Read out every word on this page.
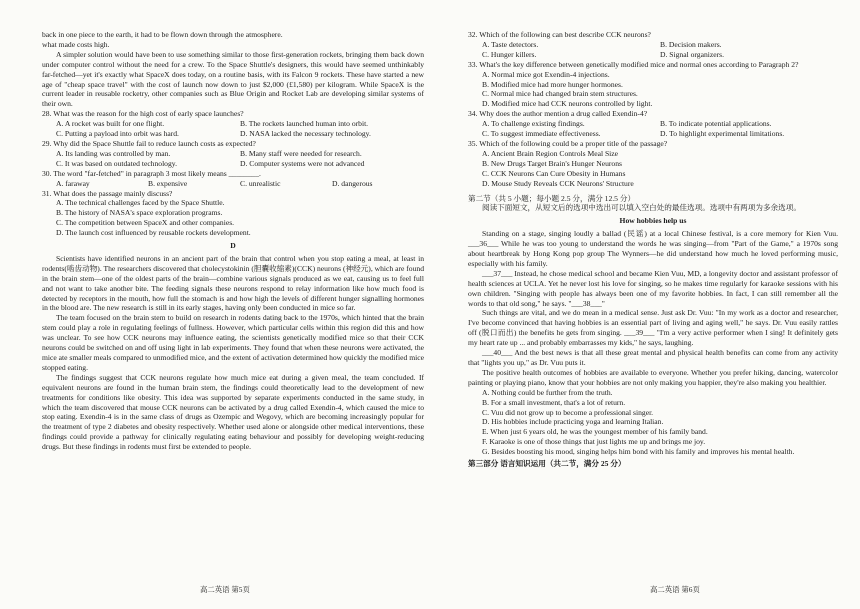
back in one piece to the earth, it had to be flown down through the atmosphere.

what made costs high.

A simpler solution would have been to use something similar to those first-generation rockets, bringing them back down under computer control without the need for a crew. To the Space Shuttle's designers, this would have seemed unthinkably far-fetched—yet it's exactly what SpaceX does today, on a routine basis, with its Falcon 9 rockets. These have started a new age of "cheap space travel" with the cost of launch now down to just $2,000 (£1,580) per kilogram. While SpaceX is the current leader in reusable rocketry, other companies such as Blue Origin and Rocket Lab are developing similar systems of their own.

28. What was the reason for the high cost of early space launches?

A. A rocket was built for one flight.	B. The rockets launched human into orbit.
C. Putting a payload into orbit was hard.	D. NASA lacked the necessary technology.

29. Why did the Space Shuttle fail to reduce launch costs as expected?

A. Its landing was controlled by man.	B. Many staff were needed for research.
C. It was based on outdated technology.	D. Computer systems were not advanced

30. The word "far-fetched" in paragraph 3 most likely means ________.

A. faraway	B. expensive	C. unrealistic	D. dangerous

31. What does the passage mainly discuss?

A. The technical challenges faced by the Space Shuttle.

B. The history of NASA's space exploration programs.

C. The competition between SpaceX and other companies.

D. The launch cost influenced by reusable rockets development.

D

Scientists have identified neurons in an ancient part of the brain that control when you stop eating a meal, at least in rodents(啮齿动物). The researchers discovered that cholecystokinin (胆囊收缩素)(CCK) neurons (神经元), which are found in the brain stem—one of the oldest parts of the brain—combine various signals produced as we eat, causing us to feel full and not want to take another bite. The feeding signals these neurons respond to relay information like how much food is detected by receptors in the mouth, how full the stomach is and how high the levels of different hunger signalling hormones in the blood are. The new research is still in its early stages, having only been conducted in mice so far.

The team focused on the brain stem to build on research in rodents dating back to the 1970s, which hinted that the brain stem could play a role in regulating feelings of fullness. However, which particular cells within this region did this and how was unclear. To see how CCK neurons may influence eating, the scientists genetically modified mice so that their CCK neurons could be switched on and off using light in lab experiments. They found that when these neurons were activated, the mice ate smaller meals compared to unmodified mice, and the extent of activation determined how quickly the modified mice stopped eating.

The findings suggest that CCK neurons regulate how much mice eat during a given meal, the team concluded. If equivalent neurons are found in the human brain stem, the findings could theoretically lead to the development of new treatments for conditions like obesity. This idea was supported by separate experiments conducted in the same study, in which the team discovered that mouse CCK neurons can be activated by a drug called Exendin-4, which caused the mice to stop eating. Exendin-4 is in the same class of drugs as Ozempic and Wegovy, which are becoming increasingly popular for the treatment of type 2 diabetes and obesity respectively. Whether used alone or alongside other medical interventions, these findings could provide a pathway for clinically regulating eating behaviour and possibly for developing weight-reducing drugs. But these findings in rodents must first be extended to people.

高二英语 第5页

32. Which of the following can best describe CCK neurons?

A. Taste detectors.	B. Decision makers.
C. Hunger killers.	D. Signal organizers.

33. What's the key difference between genetically modified mice and normal ones according to Paragraph 2?

A. Normal mice got Exendin-4 injections.

B. Modified mice had more hunger hormones.

C. Normal mice had changed brain stem structures.

D. Modified mice had CCK neurons controlled by light.

34. Why does the author mention a drug called Exendin-4?

A. To challenge existing findings.	B. To indicate potential applications.
C. To suggest immediate effectiveness.	D. To highlight experimental limitations.

35. Which of the following could be a proper title of the passage?

A. Ancient Brain Region Controls Meal Size

B. New Drugs Target Brain's Hunger Neurons

C. CCK Neurons Can Cure Obesity in Humans

D. Mouse Study Reveals CCK Neurons' Structure

第二节（共 5 小题；每小题 2.5 分，满分 12.5 分）

阅读下面短文，从短文后的选项中选出可以填入空白处的最佳选项。选项中有两项为多余选项。

How hobbies help us

Standing on a stage, singing loudly a ballad (民谣) at a local Chinese festival, is a core memory for Kien Vuu. ___36___ While he was too young to understand the words he was singing—from "Part of the Game," a 1970s song about heartbreak by Hong Kong pop group The Wynners—he did understand how much he loved performing music, especially with his family.

___37___ Instead, he chose medical school and became Kien Vuu, MD, a longevity doctor and assistant professor of health sciences at UCLA. Yet he never lost his love for singing, so he makes time regularly for karaoke sessions with his own children. "Singing with people has always been one of my favorite hobbies. In fact, I can still remember all the words to that old song," he says. "___38___"

Such things are vital, and we do mean in a medical sense. Just ask Dr. Vuu: "In my work as a doctor and researcher, I've become convinced that having hobbies is an essential part of living and aging well," he says. Dr. Vuu easily rattles off (脱口而出) the benefits he gets from singing. ___39___ "I'm a very active performer when I sing! It definitely gets my heart rate up ... and probably embarrasses my kids," he says, laughing.

___40___ And the best news is that all these great mental and physical health benefits can come from any activity that "lights you up," as Dr. Vuu puts it.

The positive health outcomes of hobbies are available to everyone. Whether you prefer hiking, dancing, watercolor painting or playing piano, know that your hobbies are not only making you happier, they're also making you healthier.

A. Nothing could be further from the truth.

B. For a small investment, that's a lot of return.

C. Vuu did not grow up to become a professional singer.

D. His hobbies include practicing yoga and learning Italian.

E. When just 6 years old, he was the youngest member of his family band.

F. Karaoke is one of those things that just lights me up and brings me joy.

G. Besides boosting his mood, singing helps him bond with his family and improves his mental health.

第三部分 语言知识运用（共二节，满分 25 分）

高二英语 第6页
